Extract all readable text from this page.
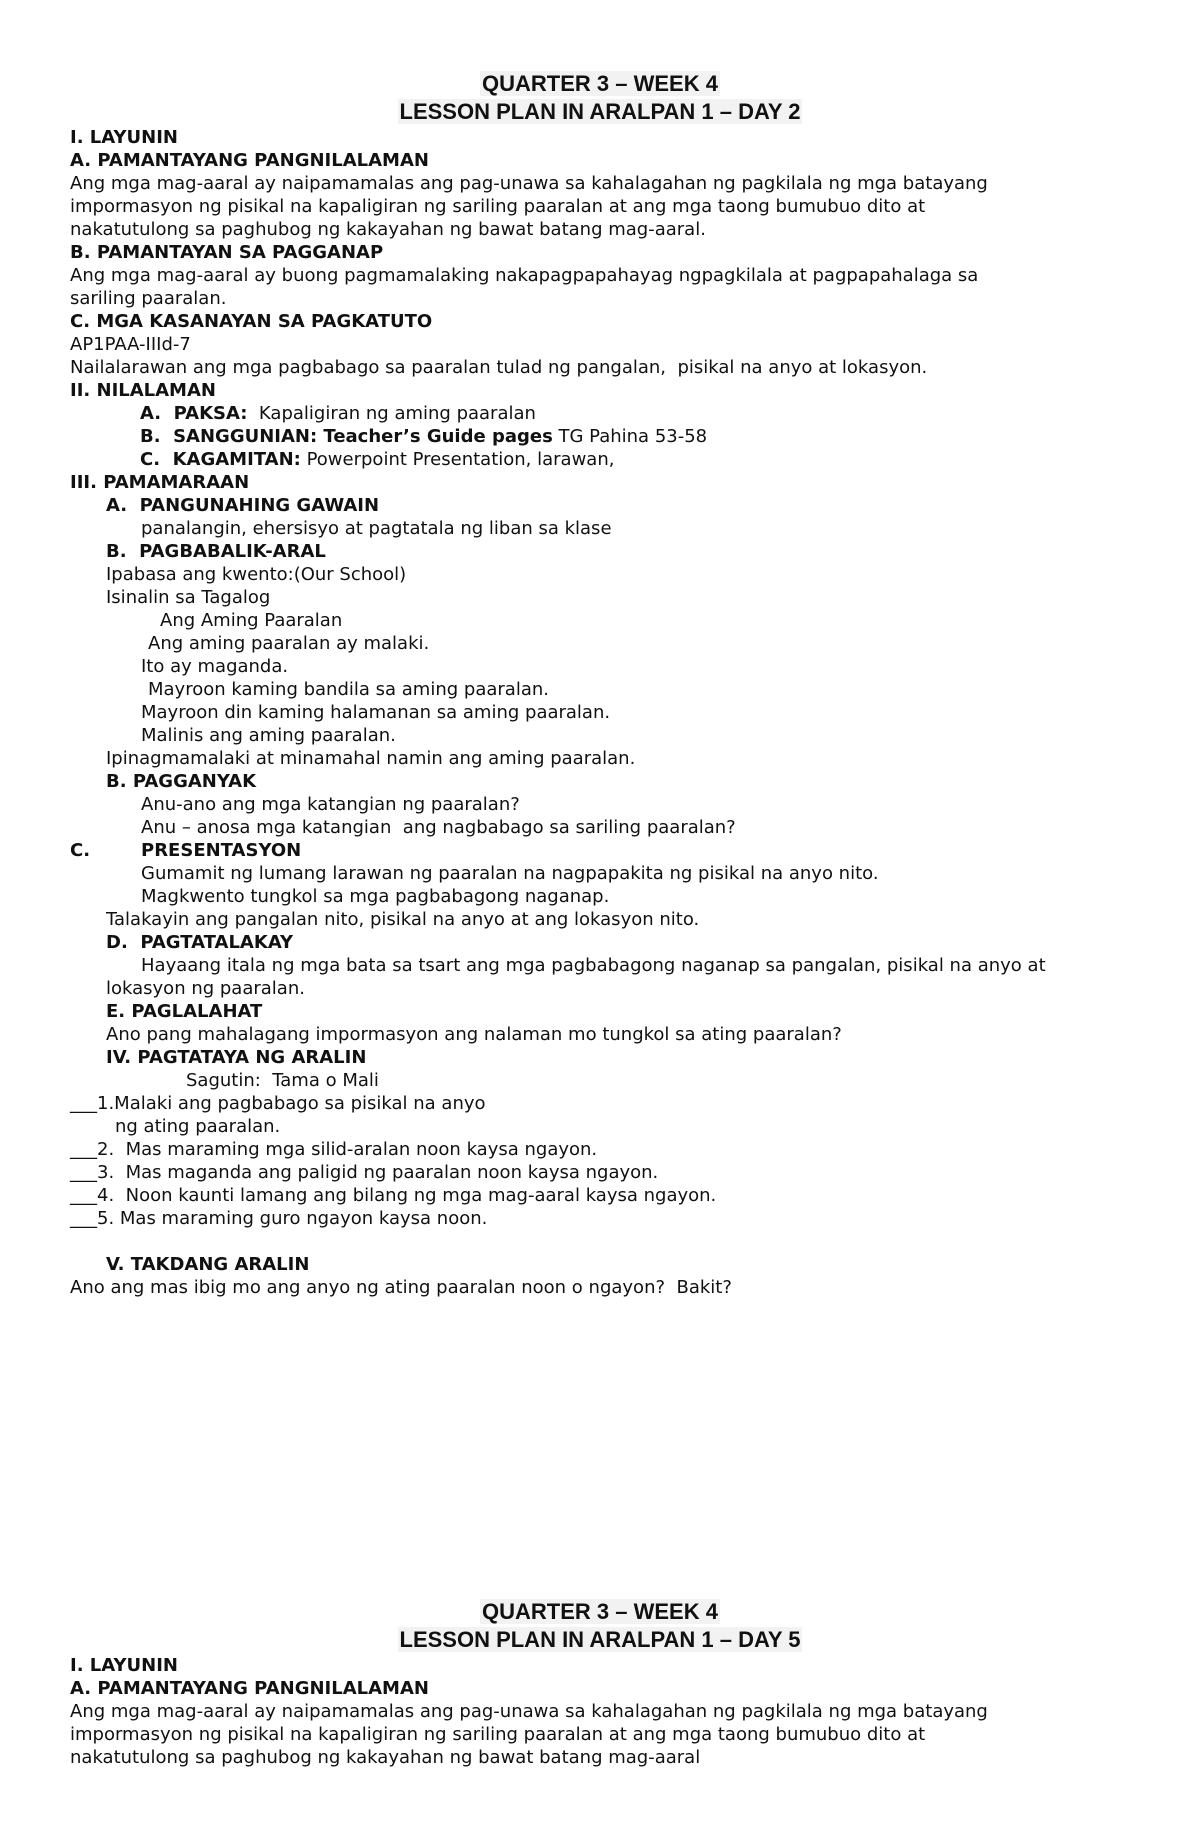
QUARTER 3 – WEEK 4

LESSON PLAN IN ARALPAN 1 – DAY 2

I. LAYUNIN

A. PAMANTAYANG PANGNILALAMAN

Ang mga mag-aaral ay naipamamalas ang pag-unawa sa kahalagahan ng pagkilala ng mga batayang

impormasyon ng pisikal na kapaligiran ng sariling paaralan at ang mga taong bumubuo dito at

nakatutulong sa paghubog ng kakayahan ng bawat batang mag-aaral.

B. PAMANTAYAN SA PAGGANAP

Ang mga mag-aaral ay buong pagmamalaking nakapagpapahayag ngpagkilala at pagpapahalaga sa

sariling paaralan.

C. MGA KASANAYAN SA PAGKATUTO

AP1PAA-IIId-7

Nailalarawan ang mga pagbabago sa paaralan tulad ng pangalan,  pisikal na anyo at lokasyon.

II. NILALAMAN

A.  PAKSA:  Kapaligiran ng aming paaralan

B.  SANGGUNIAN: Teacher’s Guide pages TG Pahina 53-58

C.  KAGAMITAN: Powerpoint Presentation, larawan,

III. PAMAMARAAN

A.  PANGUNAHING GAWAIN

panalangin, ehersisyo at pagtatala ng liban sa klase

B.  PAGBABALIK-ARAL

Ipabasa ang kwento:(Our School)

Isinalin sa Tagalog

Ang Aming Paaralan

Ang aming paaralan ay malaki.

Ito ay maganda.

Mayroon kaming bandila sa aming paaralan.

Mayroon din kaming halamanan sa aming paaralan.

Malinis ang aming paaralan.

Ipinagmamalaki at minamahal namin ang aming paaralan.

B. PAGGANYAK

Anu-ano ang mga katangian ng paaralan?

Anu – anosa mga katangian  ang nagbabago sa sariling paaralan?

C.	PRESENTASYON

Gumamit ng lumang larawan ng paaralan na nagpapakita ng pisikal na anyo nito.

Magkwento tungkol sa mga pagbabagong naganap.

Talakayin ang pangalan nito, pisikal na anyo at ang lokasyon nito.

D.  PAGTATALAKAY

Hayaang itala ng mga bata sa tsart ang mga pagbabagong naganap sa pangalan, pisikal na anyo at

lokasyon ng paaralan.

E. PAGLALAHAT

Ano pang mahalagang impormasyon ang nalaman mo tungkol sa ating paaralan?

IV. PAGTATAYA NG ARALIN

Sagutin:  Tama o Mali

___1.Malaki ang pagbabago sa pisikal na anyo

ng ating paaralan.

___2.  Mas maraming mga silid-aralan noon kaysa ngayon.

___3.  Mas maganda ang paligid ng paaralan noon kaysa ngayon.

___4.  Noon kaunti lamang ang bilang ng mga mag-aaral kaysa ngayon.

___5. Mas maraming guro ngayon kaysa noon.

V. TAKDANG ARALIN

Ano ang mas ibig mo ang anyo ng ating paaralan noon o ngayon?  Bakit?

QUARTER 3 – WEEK 4

LESSON PLAN IN ARALPAN 1 – DAY 5

I. LAYUNIN

A. PAMANTAYANG PANGNILALAMAN

Ang mga mag-aaral ay naipamamalas ang pag-unawa sa kahalagahan ng pagkilala ng mga batayang

impormasyon ng pisikal na kapaligiran ng sariling paaralan at ang mga taong bumubuo dito at

nakatutulong sa paghubog ng kakayahan ng bawat batang mag-aaral
